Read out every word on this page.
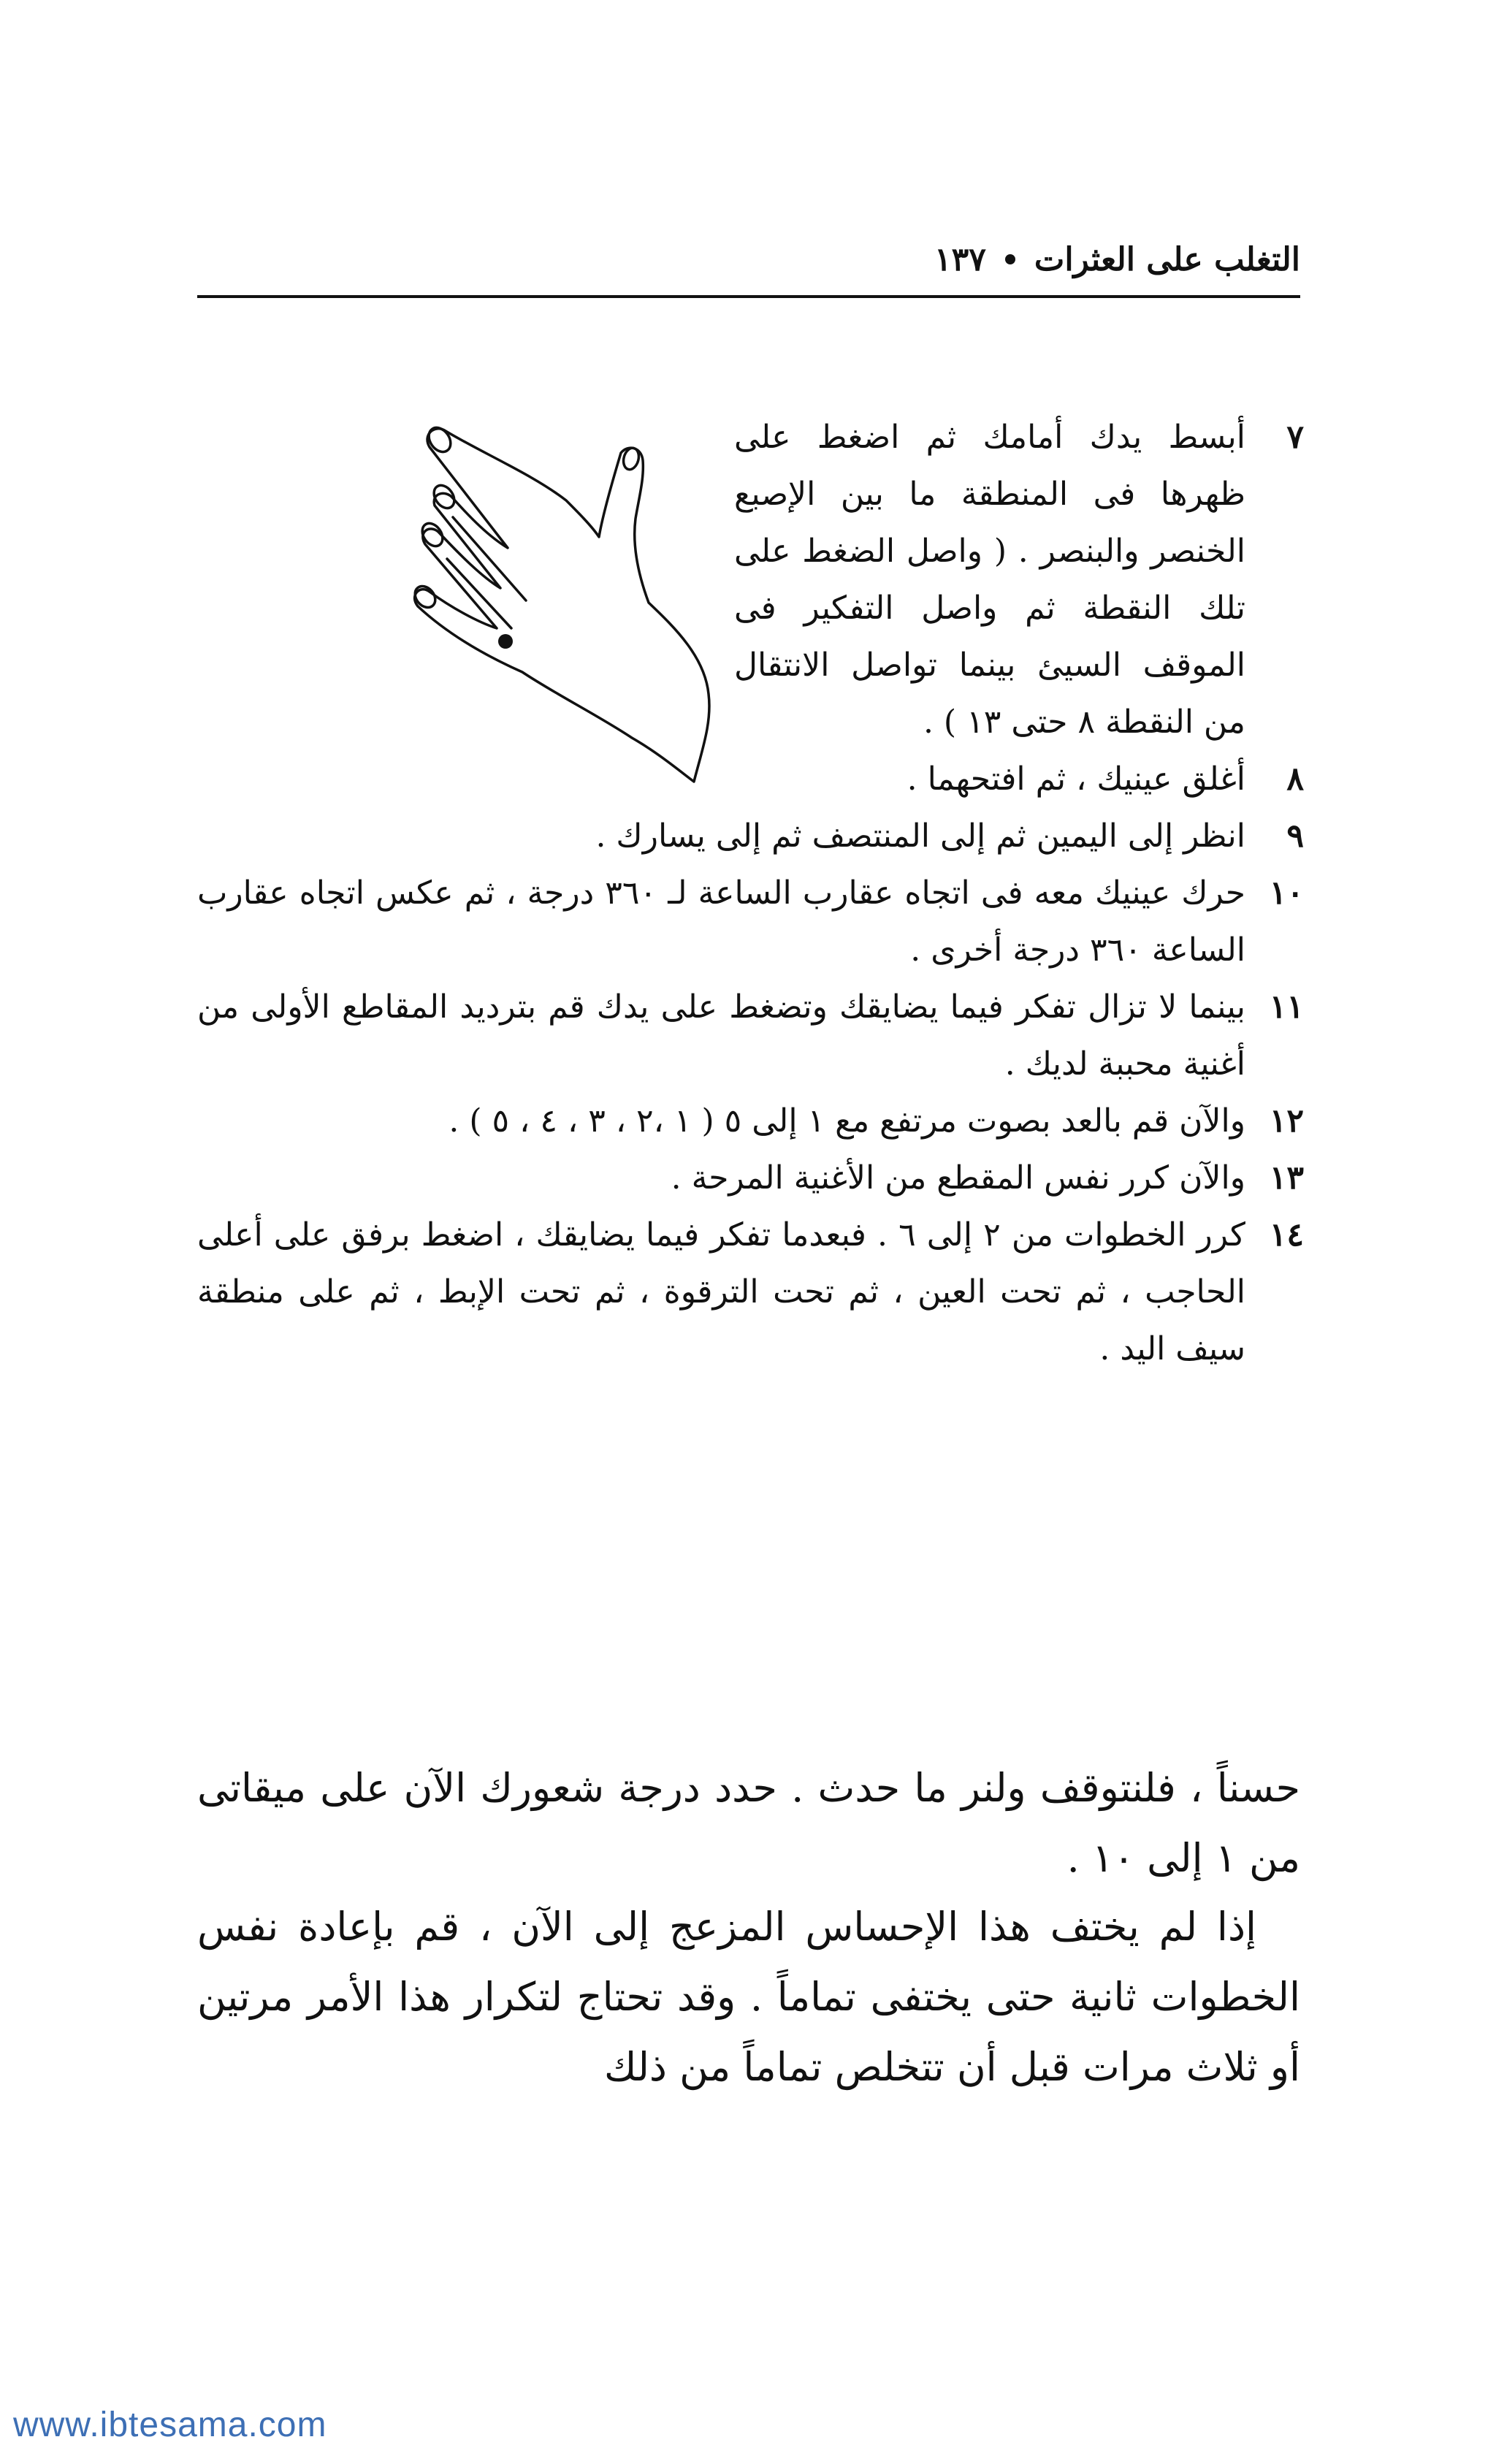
التغلب على العثرات
١٣٧
٧
أبسط يدك أمامك ثم اضغط على ظهرها فى المنطقة ما بين الإصبع الخنصر والبنصر . ( واصل الضغط على تلك النقطة ثم واصل التفكير فى الموقف السيئ بينما تواصل الانتقال من النقطة ٨ حتى ١٣ ) .
٨
أغلق عينيك ، ثم افتحهما .
٩
انظر إلى اليمين ثم إلى المنتصف ثم إلى يسارك .
١٠
حرك عينيك معه فى اتجاه عقارب الساعة لـ ٣٦٠ درجة ، ثم عكس اتجاه عقارب الساعة ٣٦٠ درجة أخرى .
١١
بينما لا تزال تفكر فيما يضايقك وتضغط على يدك قم بترديد المقاطع الأولى من أغنية محببة لديك .
١٢
والآن قم بالعد بصوت مرتفع مع ١ إلى ٥ ( ١ ،٢ ، ٣ ، ٤ ، ٥ ) .
١٣
والآن كرر نفس المقطع من الأغنية المرحة .
١٤
كرر الخطوات من ٢ إلى ٦ . فبعدما تفكر فيما يضايقك ، اضغط برفق على أعلى الحاجب ، ثم تحت العين ، ثم تحت الترقوة ، ثم تحت الإبط ، ثم على منطقة سيف اليد .

حسناً ، فلنتوقف ولنر ما حدث . حدد درجة شعورك الآن على ميقاتى من ١ إلى ١٠ .

إذا لم يختف هذا الإحساس المزعج إلى الآن ، قم بإعادة نفس الخطوات ثانية حتى يختفى تماماً . وقد تحتاج لتكرار هذا الأمر مرتين أو ثلاث مرات قبل أن تتخلص تماماً من ذلك

www.ibtesama.com
